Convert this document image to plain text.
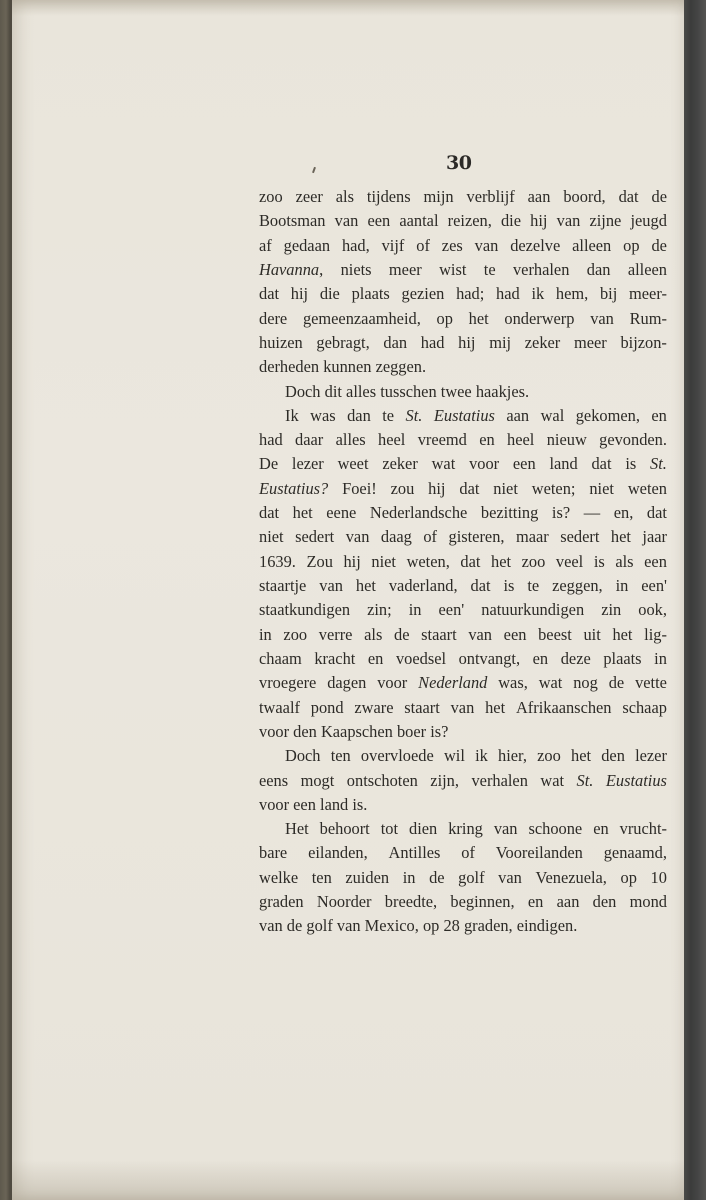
30
zoo zeer als tijdens mijn verblijf aan boord, dat de
Bootsman van een aantal reizen, die hij van zijne jeugd
af gedaan had, vijf of zes van dezelve alleen op de
Havanna, niets meer wist te verhalen dan alleen
dat hij die plaats gezien had; had ik hem, bij meer-
dere gemeenzaamheid, op het onderwerp van Rum-
huizen gebragt, dan had hij mij zeker meer bijzon-
derheden
kunnen
zeggen.
Doch
dit
alles
tusschen
twee
haakjes.
Ik was dan te St. Eustatius aan wal gekomen, en
had daar alles heel vreemd en heel nieuw gevonden.
De lezer weet zeker wat voor een land dat is St.
Eustatius? Foei! zou hij dat niet weten; niet weten
dat het eene Nederlandsche bezitting is? — en, dat
niet sedert van daag of gisteren, maar sedert het jaar
1639. Zou hij niet weten, dat het zoo veel is als een
staartje van het vaderland, dat is te zeggen, in een'
staatkundigen zin; in een' natuurkundigen zin ook,
in zoo verre als de staart van een beest uit het lig-
chaam kracht en voedsel ontvangt, en deze plaats in
vroegere dagen voor Nederland was, wat nog de vette
twaalf pond zware staart van het Afrikaanschen schaap
voor
den
Kaapschen
boer
is?
Doch ten overvloede wil ik hier, zoo het den lezer
eens mogt ontschoten zijn, verhalen wat St. Eustatius
voor
een
land
is.
Het behoort tot dien kring van schoone en vrucht-
bare eilanden, Antilles of Vooreilanden genaamd,
welke ten zuiden in de golf van Venezuela, op 10
graden Noorder breedte, beginnen, en aan den mond
van
de
golf
van
Mexico,
op
28
graden,
eindigen.
